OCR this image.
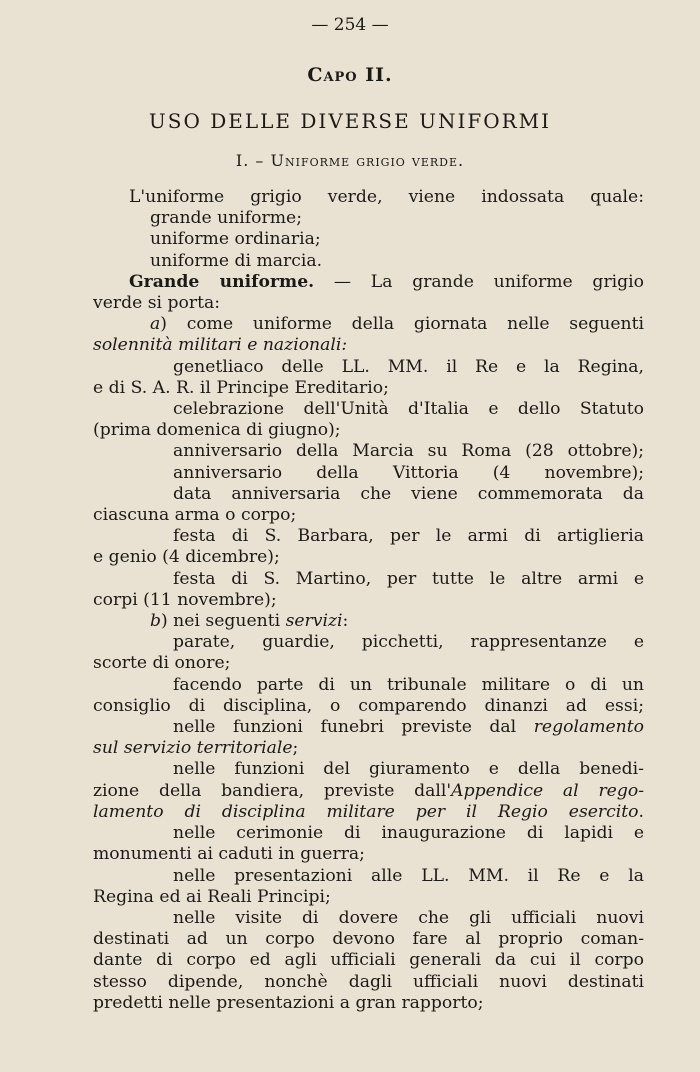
— 254 —
Capo II.
USO DELLE DIVERSE UNIFORMI
I. – Uniforme grigio verde.
L'uniforme grigio verde, viene indossata quale:
grande uniforme;
uniforme ordinaria;
uniforme di marcia.
Grande uniforme. — La grande uniforme grigio
verde si porta:
a) come uniforme della giornata nelle seguenti
solennità militari e nazionali:
genetliaco delle LL. MM. il Re e la Regina,
e di S. A. R. il Principe Ereditario;
celebrazione dell'Unità d'Italia e dello Statuto
(prima domenica di giugno);
anniversario della Marcia su Roma (28 ottobre);
anniversario della Vittoria (4 novembre);
data anniversaria che viene commemorata da
ciascuna arma o corpo;
festa di S. Barbara, per le armi di artiglieria
e genio (4 dicembre);
festa di S. Martino, per tutte le altre armi e
corpi (11 novembre);
b) nei seguenti servizi:
parate, guardie, picchetti, rappresentanze e
scorte di onore;
facendo parte di un tribunale militare o di un
consiglio di disciplina, o comparendo dinanzi ad essi;
nelle funzioni funebri previste dal regolamento
sul servizio territoriale;
nelle funzioni del giuramento e della benedi-
zione della bandiera, previste dall'Appendice al rego-
lamento di disciplina militare per il Regio esercito.
nelle cerimonie di inaugurazione di lapidi e
monumenti ai caduti in guerra;
nelle presentazioni alle LL. MM. il Re e la
Regina ed ai Reali Principi;
nelle visite di dovere che gli ufficiali nuovi
destinati ad un corpo devono fare al proprio coman-
dante di corpo ed agli ufficiali generali da cui il corpo
stesso dipende, nonchè dagli ufficiali nuovi destinati
predetti nelle presentazioni a gran rapporto;
